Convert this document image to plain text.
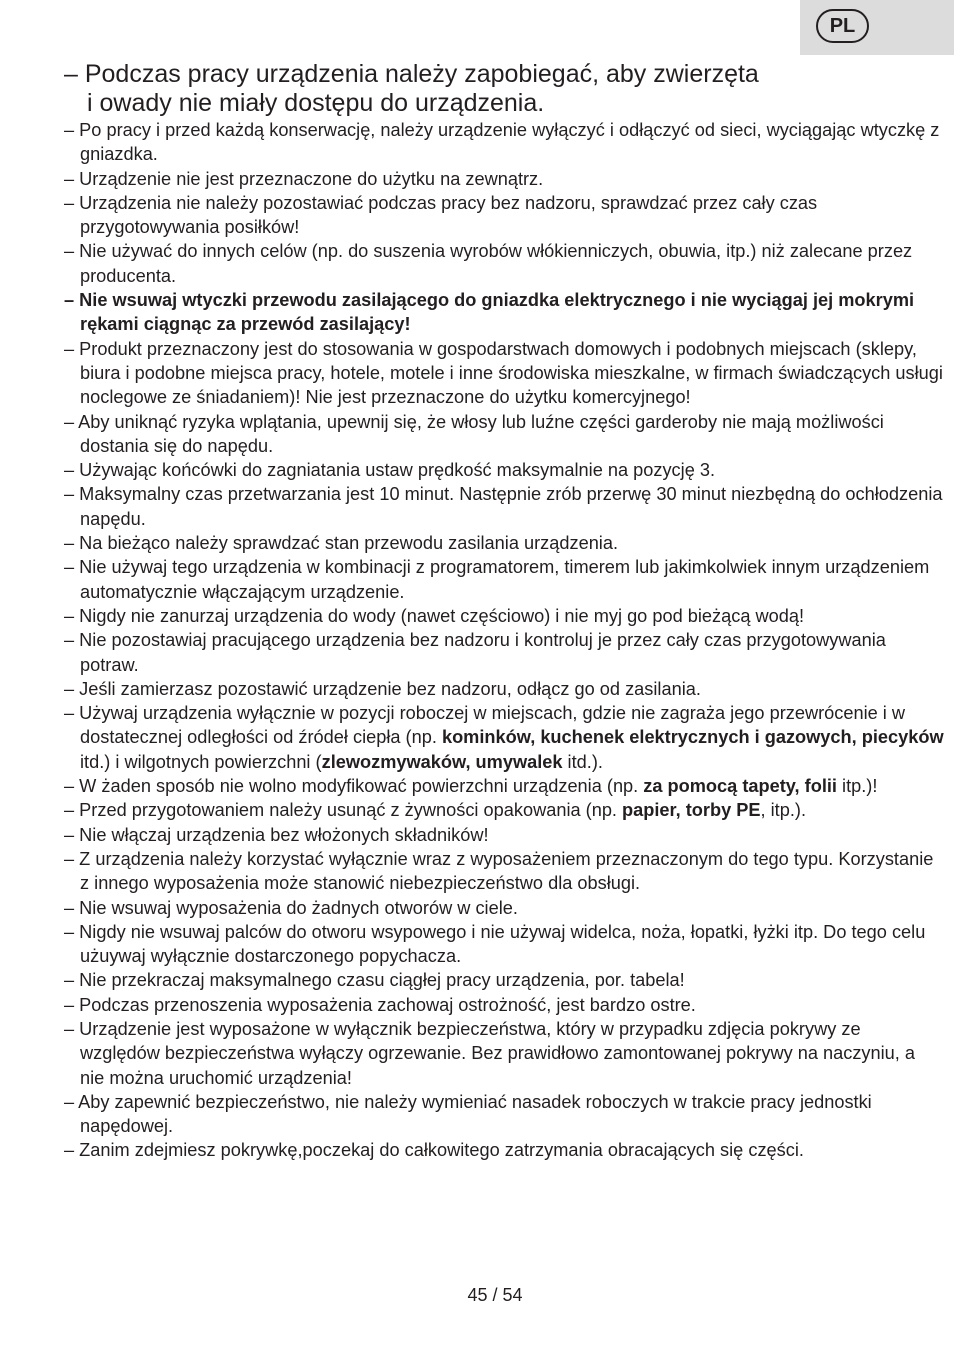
PL
– Podczas pracy urządzenia należy zapobiegać, aby zwierzęta
i owady nie miały dostępu do urządzenia.
– Po pracy i przed każdą konserwację, należy urządzenie wyłączyć i odłączyć od sieci, wyciągając wtyczkę z gniazdka.
– Urządzenie nie jest przeznaczone do użytku na zewnątrz.
– Urządzenia nie należy pozostawiać podczas pracy bez nadzoru, sprawdzać przez cały czas przygotowywania posiłków!
– Nie używać do innych celów (np. do suszenia wyrobów włókienniczych, obuwia, itp.) niż zalecane przez producenta.
– Nie wsuwaj wtyczki przewodu zasilającego do gniazdka elektrycznego i nie wyciągaj jej mokrymi rękami ciągnąc za przewód zasilający!
– Produkt przeznaczony jest do stosowania w gospodarstwach domowych i podobnych miejscach (sklepy, biura i podobne miejsca pracy, hotele, motele i inne środowiska mieszkalne, w firmach świadczących usługi noclegowe ze śniadaniem)! Nie jest przeznaczone do użytku komercyjnego!
– Aby uniknąć ryzyka wplątania, upewnij się, że włosy lub luźne części garderoby nie mają możliwości dostania się do napędu.
– Używając końcówki do zagniatania ustaw prędkość maksymalnie na pozycję 3.
– Maksymalny czas przetwarzania jest 10 minut. Następnie zrób przerwę 30 minut niezbędną do ochłodzenia napędu.
– Na bieżąco należy sprawdzać stan przewodu zasilania urządzenia.
– Nie używaj tego urządzenia w kombinacji z programatorem, timerem lub jakimkolwiek innym urządzeniem automatycznie włączającym urządzenie.
– Nigdy nie zanurzaj urządzenia do wody (nawet częściowo) i nie myj go pod bieżącą wodą!
– Nie pozostawiaj pracującego urządzenia bez nadzoru i kontroluj je przez cały czas przygotowywania potraw.
– Jeśli zamierzasz pozostawić urządzenie bez nadzoru, odłącz go od zasilania.
– Używaj urządzenia wyłącznie w pozycji roboczej w miejscach, gdzie nie zagraża jego przewrócenie i w dostatecznej odległości od źródeł ciepła (np. kominków, kuchenek elektrycznych i gazowych, piecyków itd.) i wilgotnych powierzchni (zlewozmywaków, umywalek itd.).
– W żaden sposób nie wolno modyfikować powierzchni urządzenia (np. za pomocą tapety, folii itp.)!
– Przed przygotowaniem należy usunąć z żywności opakowania (np. papier, torby PE, itp.).
– Nie włączaj urządzenia bez włożonych składników!
– Z urządzenia należy korzystać wyłącznie wraz z wyposażeniem przeznaczonym do tego typu. Korzystanie z innego wyposażenia może stanowić niebezpieczeństwo dla obsługi.
– Nie wsuwaj wyposażenia do żadnych otworów w ciele.
– Nigdy nie wsuwaj palców do otworu wsypowego i nie używaj widelca, noża, łopatki, łyżki itp. Do tego celu użuywaj wyłącznie dostarczonego popychacza.
– Nie przekraczaj maksymalnego czasu ciągłej pracy urządzenia, por. tabela!
– Podczas przenoszenia wyposażenia zachowaj ostrożność, jest bardzo ostre.
– Urządzenie jest wyposażone w wyłącznik bezpieczeństwa, który w przypadku zdjęcia pokrywy ze względów bezpieczeństwa wyłączy ogrzewanie. Bez prawidłowo zamontowanej pokrywy na naczyniu, a nie można uruchomić urządzenia!
– Aby zapewnić bezpieczeństwo, nie należy wymieniać nasadek roboczych w trakcie pracy jednostki napędowej.
– Zanim zdejmiesz pokrywkę,poczekaj do całkowitego zatrzymania obracających się części.
45 / 54
